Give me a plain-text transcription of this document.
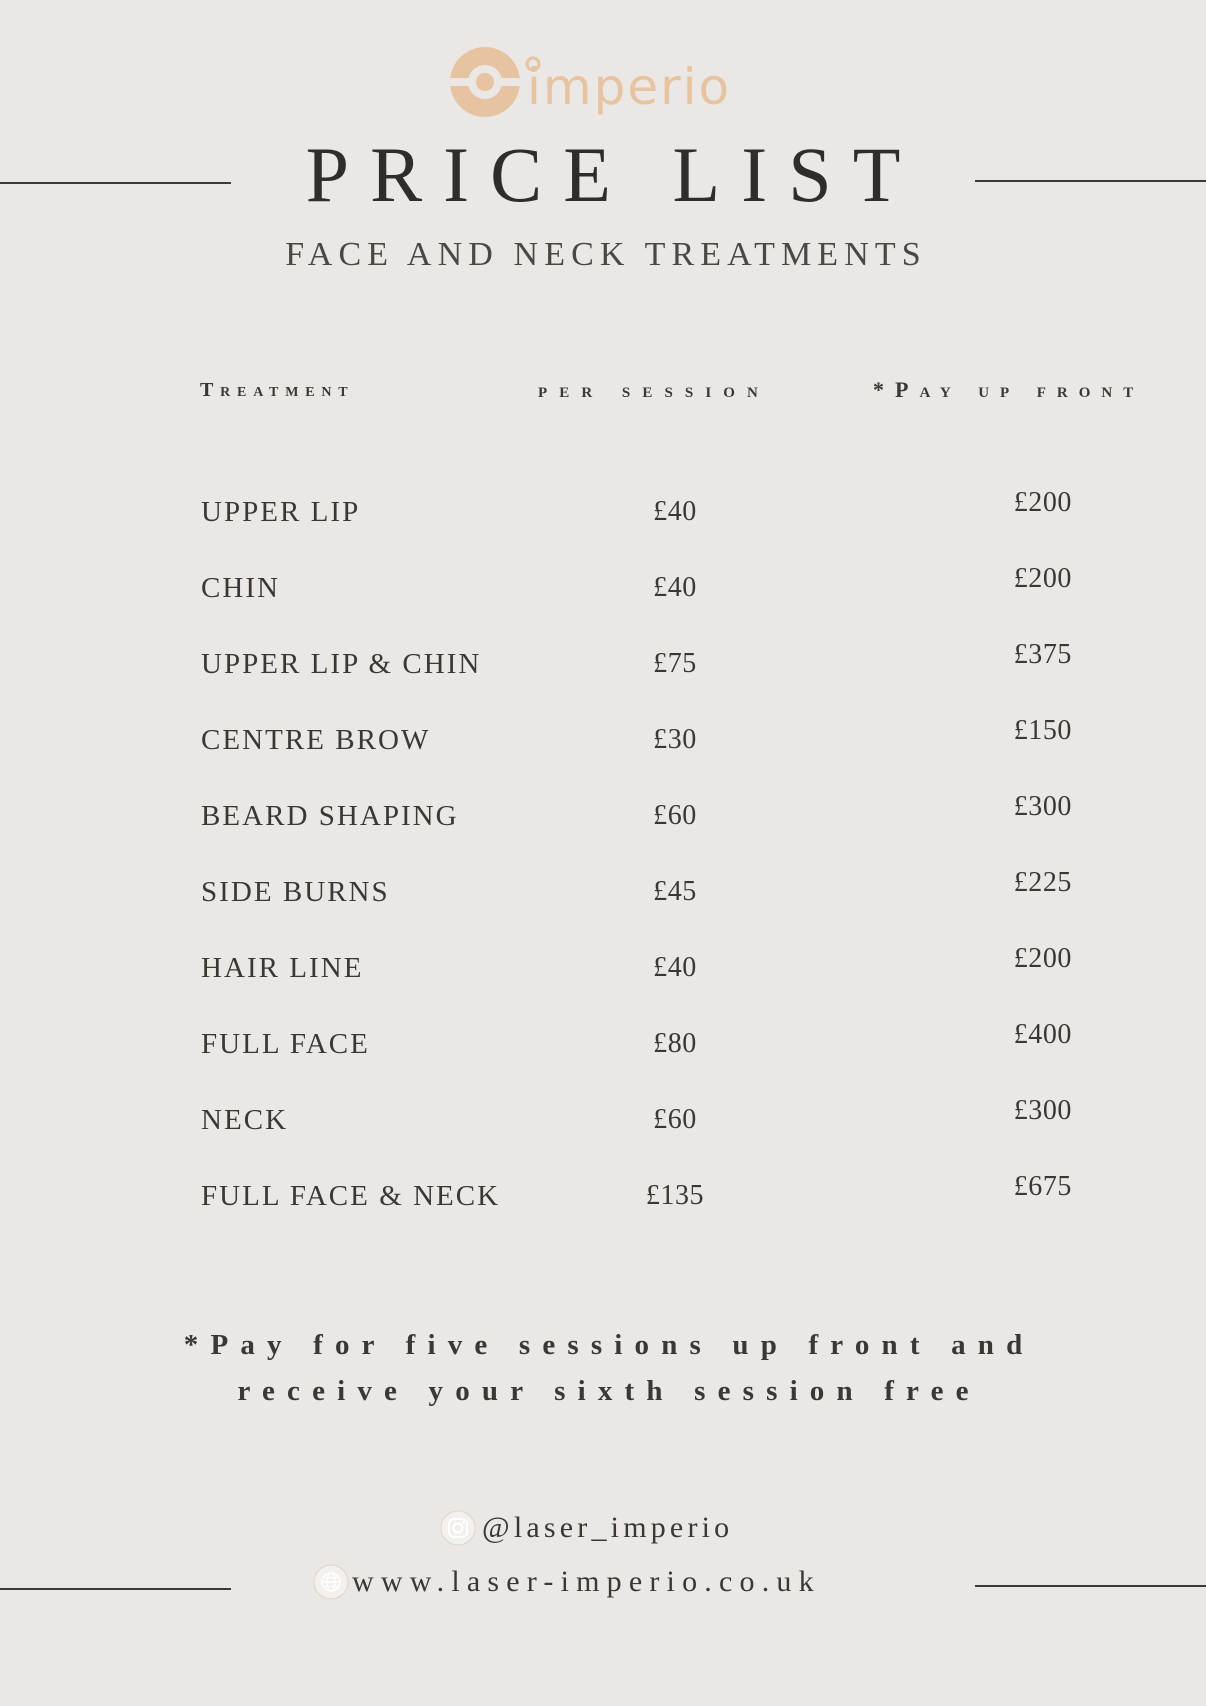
imperio
PRICE LIST
FACE AND NECK TREATMENTS
Treatment	per session	*Pay up front
UPPER LIP	£40	£200
CHIN	£40	£200
UPPER LIP & CHIN	£75	£375
CENTRE BROW	£30	£150
BEARD SHAPING	£60	£300
SIDE BURNS	£45	£225
HAIR LINE	£40	£200
FULL FACE	£80	£400
NECK	£60	£300
FULL FACE & NECK	£135	£675
*Pay for five sessions up front and
receive your sixth session free
@laser_imperio
www.laser-imperio.co.uk
